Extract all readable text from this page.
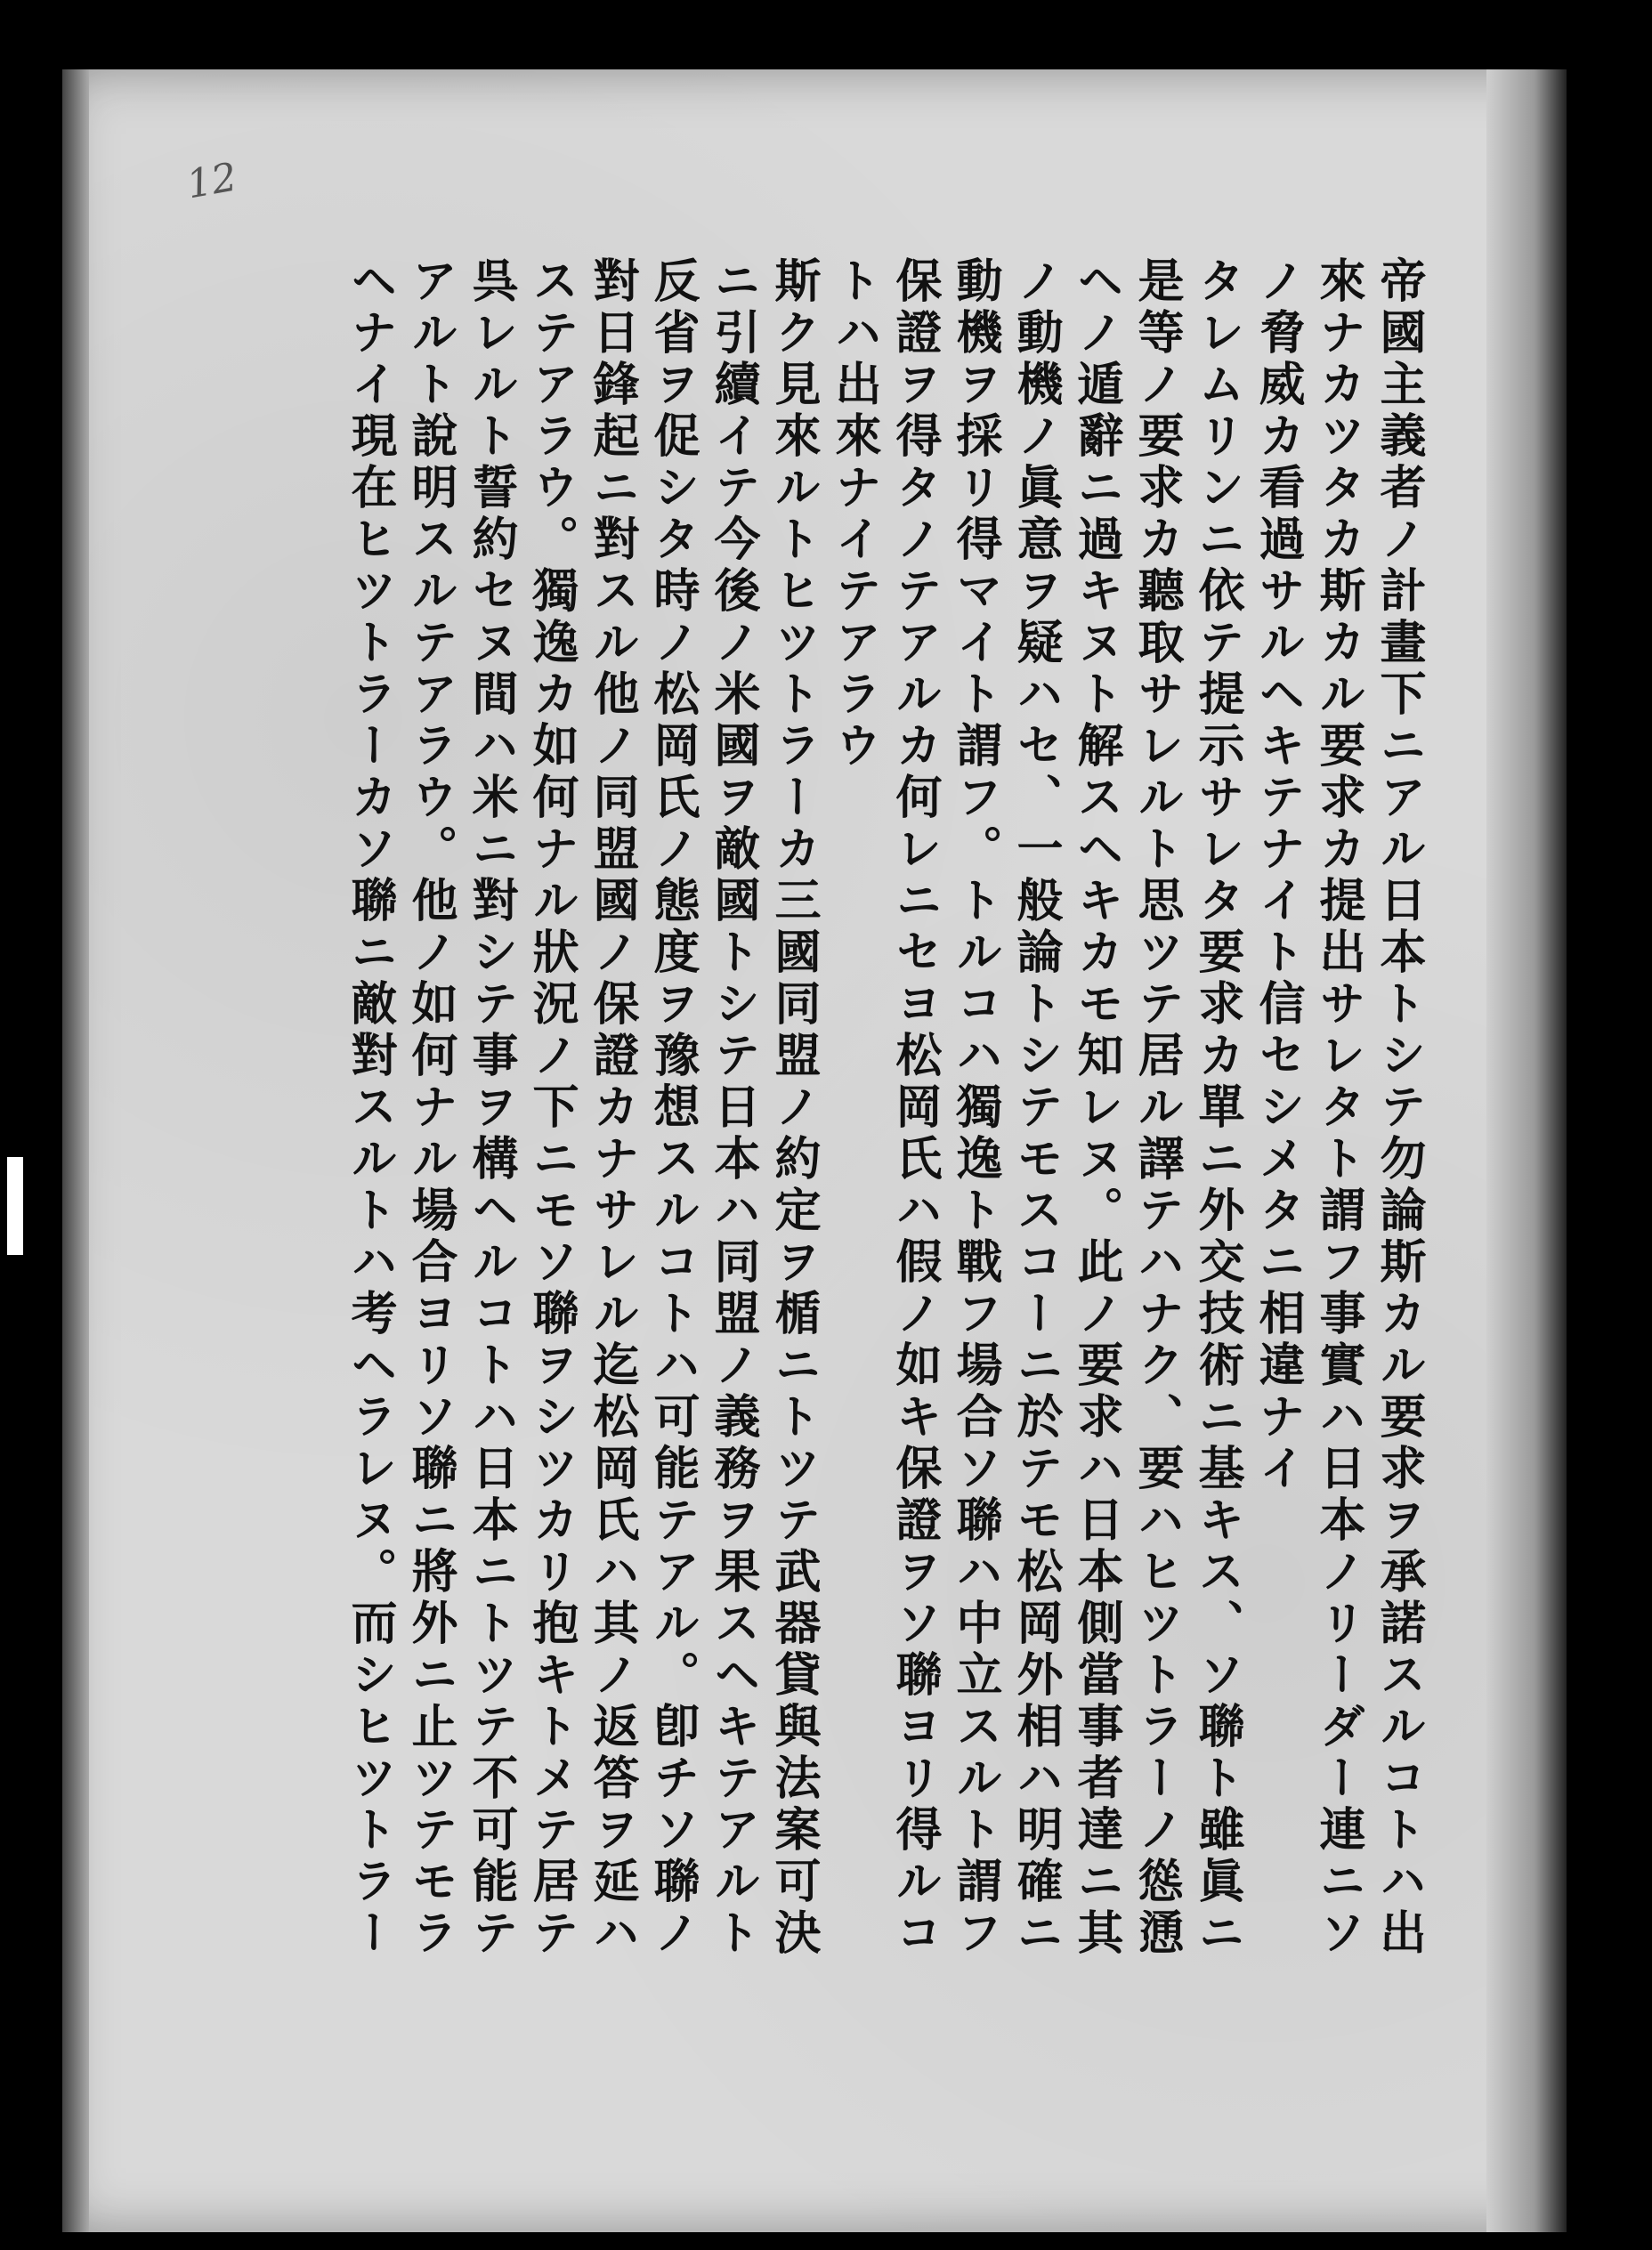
12
帝國主義者ノ計畫下ニアル日本トシテ勿論斯カル要求ヲ承諾スルコトハ出
來ナカツタカ斯カル要求カ提出サレタト謂フ事實ハ日本ノリーダー連ニソ
ノ脅威カ看過サルヘキテナイト信セシメタニ相違ナイ
タレムリンニ依テ提示サレタ要求カ單ニ外交技術ニ基キス、ソ聯ト雖眞ニ
是等ノ要求カ聽取サレルト思ツテ居ル譯テハナク、要ハヒツトラーノ慫慂
ヘノ遁辭ニ過キヌト解スヘキカモ知レヌ。此ノ要求ハ日本側當事者達ニ其
ノ動機ノ眞意ヲ疑ハセ、一般論トシテモスコーニ於テモ松岡外相ハ明確ニ
動機ヲ採リ得マイト謂フ。トルコハ獨逸ト戰フ場合ソ聯ハ中立スルト謂フ
保證ヲ得タノテアルカ何レニセヨ松岡氏ハ假ノ如キ保證ヲソ聯ヨリ得ルコ
トハ出來ナイテアラウ
斯ク見來ルトヒツトラーカ三國同盟ノ約定ヲ楯ニトツテ武器貸與法案可決
ニ引續イテ今後ノ米國ヲ敵國トシテ日本ハ同盟ノ義務ヲ果スヘキテアルト
反省ヲ促シタ時ノ松岡氏ノ態度ヲ豫想スルコトハ可能テアル。卽チソ聯ノ
對日鋒起ニ對スル他ノ同盟國ノ保證カナサレル迄松岡氏ハ其ノ返答ヲ延ハ
ステアラウ。獨逸カ如何ナル狀況ノ下ニモソ聯ヲシツカリ抱キトメテ居テ
呉レルト誓約セヌ間ハ米ニ對シテ事ヲ構ヘルコトハ日本ニトツテ不可能テ
アルト說明スルテアラウ。他ノ如何ナル場合ヨリソ聯ニ將外ニ止ツテモラ
ヘナイ現在ヒツトラーカソ聯ニ敵對スルトハ考ヘラレヌ。而シヒツトラー
